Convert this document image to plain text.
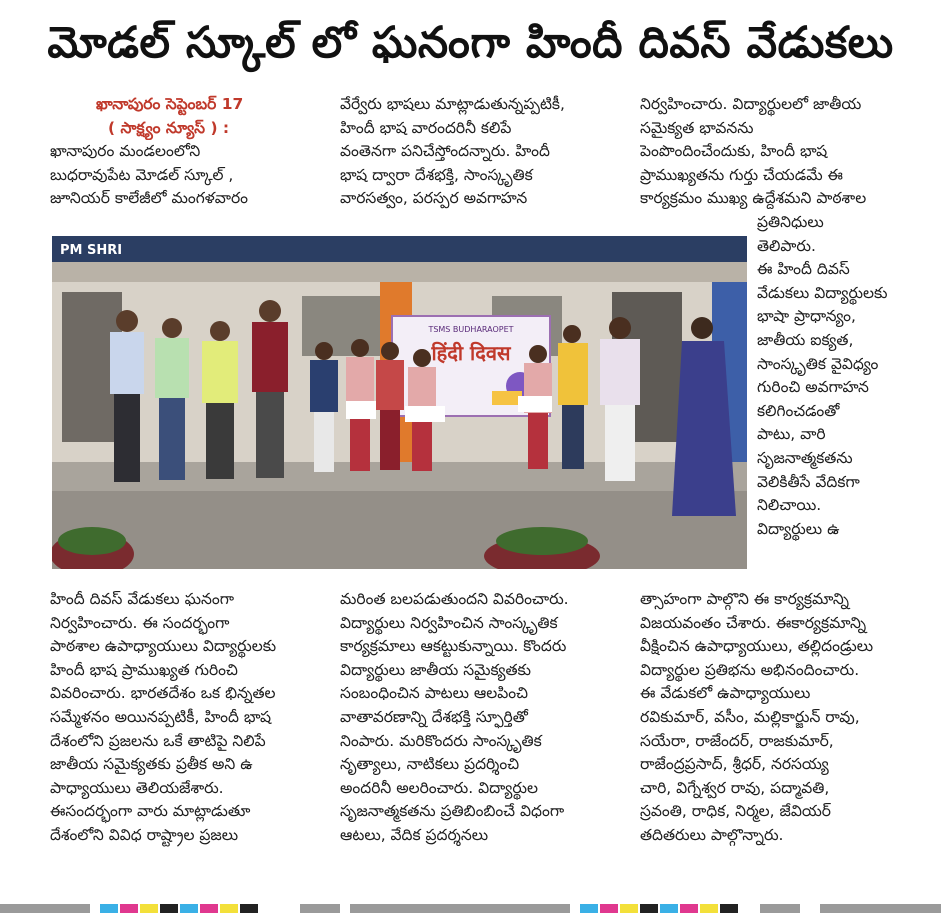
మోడల్ స్కూల్ లో ఘనంగా హిందీ దివస్ వేడుకలు

ఖానాపురం సెప్టెంబర్ 17

( సాక్ష్యం న్యూస్ ) :

ఖానాపురం మండలంలోని

బుధరావుపేట మోడల్ స్కూల్ ,

జూనియర్ కాలేజీలో మంగళవారం

వేర్వేరు భాషలు మాట్లాడుతున్నప్పటికీ,

హిందీ భాష వారందరినీ కలిపే

వంతెనగా పనిచేస్తోందన్నారు. హిందీ

భాష ద్వారా దేశభక్తి, సాంస్కృతిక

వారసత్వం, పరస్పర అవగాహన

నిర్వహించారు. విద్యార్థులలో జాతీయ

సమైక్యత భావనను

పెంపొందించేందుకు, హిందీ భాష

ప్రాముఖ్యతను గుర్తు చేయడమే ఈ

కార్యక్రమం ముఖ్య ఉద్దేశమని పాఠశాల

ప్రతినిధులు

తెలిపారు.

ఈ హిందీ దివస్

వేడుకలు విద్యార్థులకు

భాషా ప్రాధాన్యం,

జాతీయ ఐక్యత,

సాంస్కృతిక వైవిధ్యం

గురించి అవగాహన

కలిగించడంతో

పాటు, వారి

సృజనాత్మకతను

వెలికితీసే వేదికగా

నిలిచాయి.

విద్యార్థులు ఉ

PM SHRI
TSMS BUDHARAOPET
हिंदी दिवस

హిందీ దివస్ వేడుకలు ఘనంగా

నిర్వహించారు. ఈ సందర్భంగా

పాఠశాల ఉపాధ్యాయులు విద్యార్థులకు

హిందీ భాష ప్రాముఖ్యత గురించి

వివరించారు. భారతదేశం ఒక భిన్నతల

సమ్మేళనం అయినప్పటికీ, హిందీ భాష

దేశంలోని ప్రజలను ఒకే తాటిపై నిలిపే

జాతీయ సమైక్యతకు ప్రతీక అని ఉ

పాధ్యాయులు తెలియజేశారు.

ఈసందర్భంగా వారు మాట్లాడుతూ

దేశంలోని వివిధ రాష్ట్రాల ప్రజలు

మరింత బలపడుతుందని వివరించారు.

విద్యార్థులు నిర్వహించిన సాంస్కృతిక

కార్యక్రమాలు ఆకట్టుకున్నాయి. కొందరు

విద్యార్థులు జాతీయ సమైక్యతకు

సంబంధించిన పాటలు ఆలపించి

వాతావరణాన్ని దేశభక్తి స్ఫూర్తితో

నింపారు. మరికొందరు సాంస్కృతిక

నృత్యాలు, నాటికలు ప్రదర్శించి

అందరినీ అలరించారు. విద్యార్థుల

సృజనాత్మకతను ప్రతిబింబించే విధంగా

ఆటలు, వేదిక ప్రదర్శనలు

త్సాహంగా పాల్గొని ఈ కార్యక్రమాన్ని

విజయవంతం చేశారు. ఈకార్యక్రమాన్ని

వీక్షించిన ఉపాధ్యాయులు, తల్లిదండ్రులు

విద్యార్థుల ప్రతిభను అభినందించారు.

ఈ వేడుకలో ఉపాధ్యాయులు

రవికుమార్, వసీం, మల్లికార్జున్ రావు,

సయేరా, రాజేందర్, రాజకుమార్,

రాజేంద్రప్రసాద్, శ్రీధర్, నరసయ్య

చారి, విగ్నేశ్వర రావు, పద్మావతి,

స్రవంతి, రాధిక, నిర్మల, జేవియర్

తదితరులు పాల్గొన్నారు.
